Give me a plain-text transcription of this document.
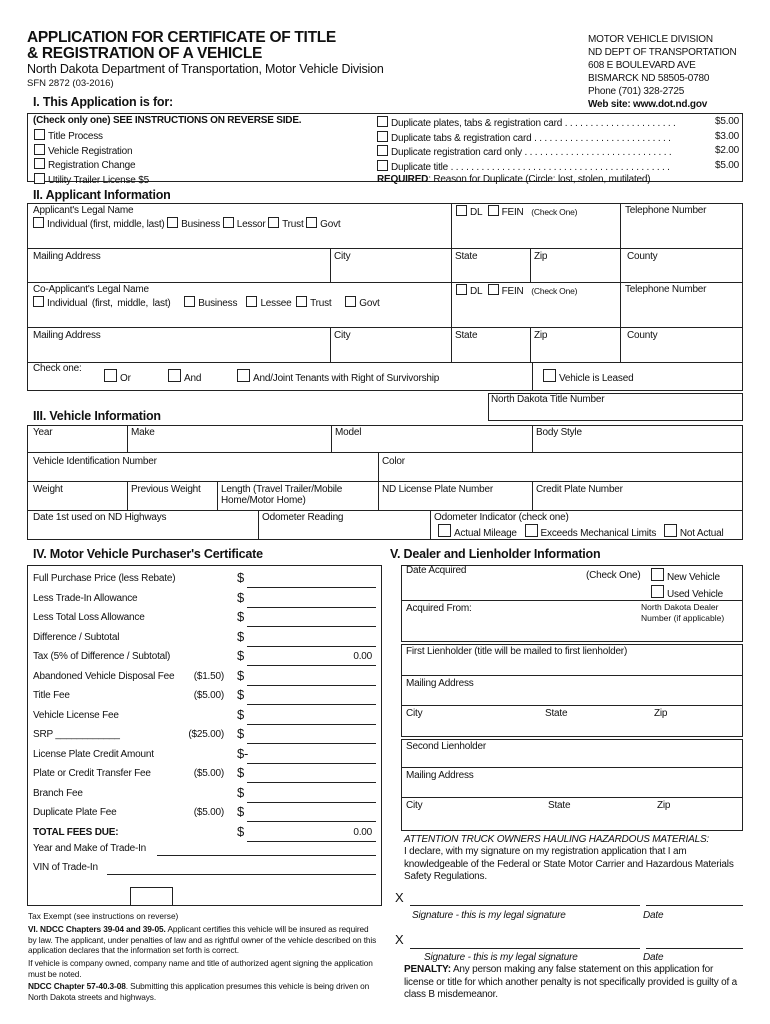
APPLICATION FOR CERTIFICATE OF TITLE
& REGISTRATION OF A VEHICLE
North Dakota Department of Transportation, Motor Vehicle Division
SFN 2872 (03-2016)
MOTOR VEHICLE DIVISION
ND DEPT OF TRANSPORTATION
608 E BOULEVARD AVE
BISMARCK ND 58505-0780
Phone (701) 328-2725
Web site: www.dot.nd.gov
I. This Application is for:
(Check only one) SEE INSTRUCTIONS ON REVERSE SIDE.
Title Process
Vehicle Registration
Registration Change
Utility Trailer License $5
Duplicate plates, tabs & registration card . . . . . . . . . . . . . . . . . . . . . .	$5.00
Duplicate tabs & registration card . . . . . . . . . . . . . . . . . . . . . . . . . . .	$3.00
Duplicate registration card only . . . . . . . . . . . . . . . . . . . . . . . . . . . . .	$2.00
Duplicate title . . . . . . . . . . . . . . . . . . . . . . . . . . . . . . . . . . . . . . . . . . .	$5.00
REQUIRED: Reason for Duplicate (Circle: lost, stolen, mutilated)
II. Applicant Information
Applicant's Legal Name
Individual (first, middle, last) Business Lessor Trust Govt
DL FEIN (Check One)	Telephone Number
Mailing Address	City	State	Zip	County
Co-Applicant's Legal Name
Individual (first, middle, last)	Business Lessee Trust	Govt
DL FEIN (Check One)	Telephone Number
Mailing Address	City	State	Zip	County
Check one:
Or	And	And/Joint Tenants with Right of Survivorship	Vehicle is Leased
North Dakota Title Number
III. Vehicle Information
Year	Make	Model	Body Style
Vehicle Identification Number	Color
Weight	Previous Weight Length (Travel Trailer/Mobile
Home/Motor Home)
ND License Plate Number	Credit Plate Number
Date 1st used on ND Highways	Odometer Reading	Odometer Indicator (check one)
Actual Mileage Exceeds Mechanical Limits Not Actual
IV. Motor Vehicle Purchaser's Certificate
Full Purchase Price (less Rebate)	$
Less Trade-In Allowance	$
Less Total Loss Allowance	$
Difference / Subtotal	$
Tax (5% of Difference / Subtotal)	$	0.00
Abandoned Vehicle Disposal Fee ($1.50) $
Title Fee	($5.00) $
Vehicle License Fee	$
SRP ____________	($25.00) $
License Plate Credit Amount	$-
Plate or Credit Transfer Fee	($5.00) $
Branch Fee	$
Duplicate Plate Fee	($5.00) $
TOTAL FEES DUE:	$	0.00
Year and Make of Trade-In
VIN of Trade-In
Tax Exempt (see instructions on reverse)
VI. NDCC Chapters 39-04 and 39-05. Applicant certifies this vehicle will be insured as required by law. The applicant, under penalties of law and as rightful owner of the vehicle described on this application declares that the information set forth is correct.
If vehicle is company owned, company name and title of authorized agent signing the application must be noted.
NDCC Chapter 57-40.3-08. Submitting this application presumes this vehicle is being driven on North Dakota streets and highways.
V. Dealer and Lienholder Information
Date Acquired	(Check One)	New Vehicle
Used Vehicle
Acquired From:	North Dakota Dealer
Number (if applicable)
First Lienholder (title will be mailed to first lienholder)
Mailing Address
City	State	Zip
Second Lienholder
Mailing Address
City	State	Zip
ATTENTION TRUCK OWNERS HAULING HAZARDOUS MATERIALS:
I declare, with my signature on my registration application that I am knowledgeable of the Federal or State Motor Carrier and Hazardous Materials Safety Regulations.
X
Signature - this is my legal signature	Date
X
Signature - this is my legal signature	Date
PENALTY: Any person making any false statement on this application for license or title for which another penalty is not specifically provided is guilty of a class B misdemeanor.
